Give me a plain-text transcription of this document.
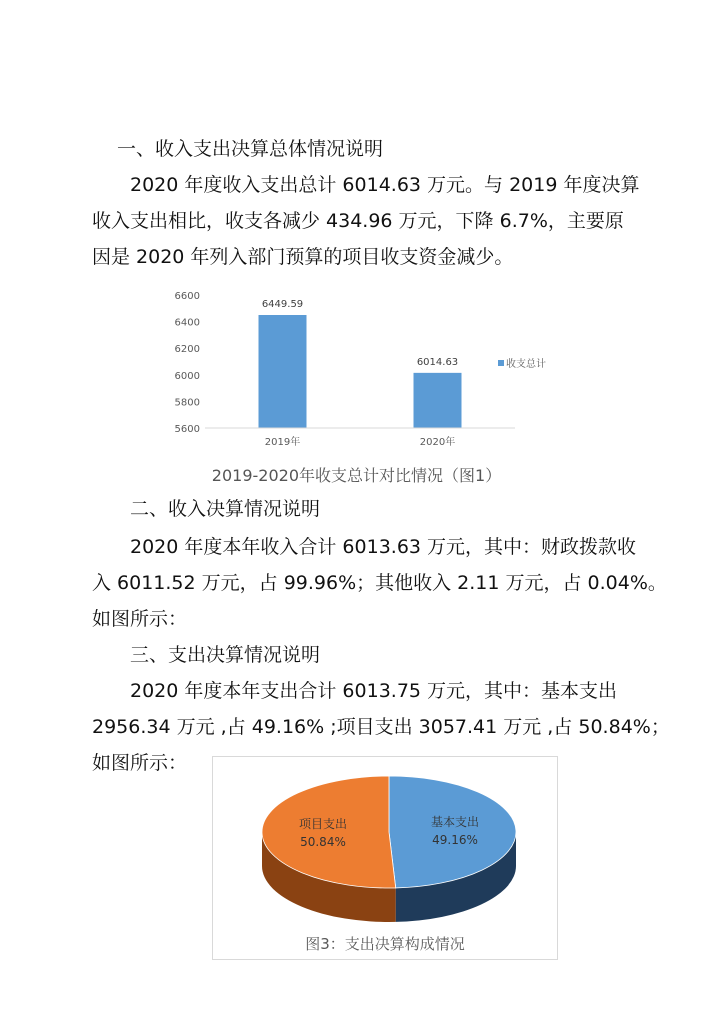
一、收入支出决算总体情况说明
2020 年度收入支出总计 6014.63 万元。与 2019 年度决算
收入支出相比，收支各减少 434.96 万元，下降 6.7%，主要原
因是 2020 年列入部门预算的项目收支资金减少。
5600
5800
6000
6200
6400
6600
6449.59
6014.63
2019年	2020年
收支总计
2019-2020年收支总计对比情况（图1）
二、收入决算情况说明
2020 年度本年收入合计 6013.63 万元，其中：财政拨款收
入 6011.52 万元，占 99.96%；其他收入 2.11 万元，占 0.04%。
如图所示：
三、支出决算情况说明
2020 年度本年支出合计 6013.75 万元，其中：基本支出
2956.34 万元 ,占 49.16% ;项目支出 3057.41 万元 ,占 50.84%；
如图所示：
基本支出
49.16%
项目支出
50.84%
图3：支出决算构成情况
